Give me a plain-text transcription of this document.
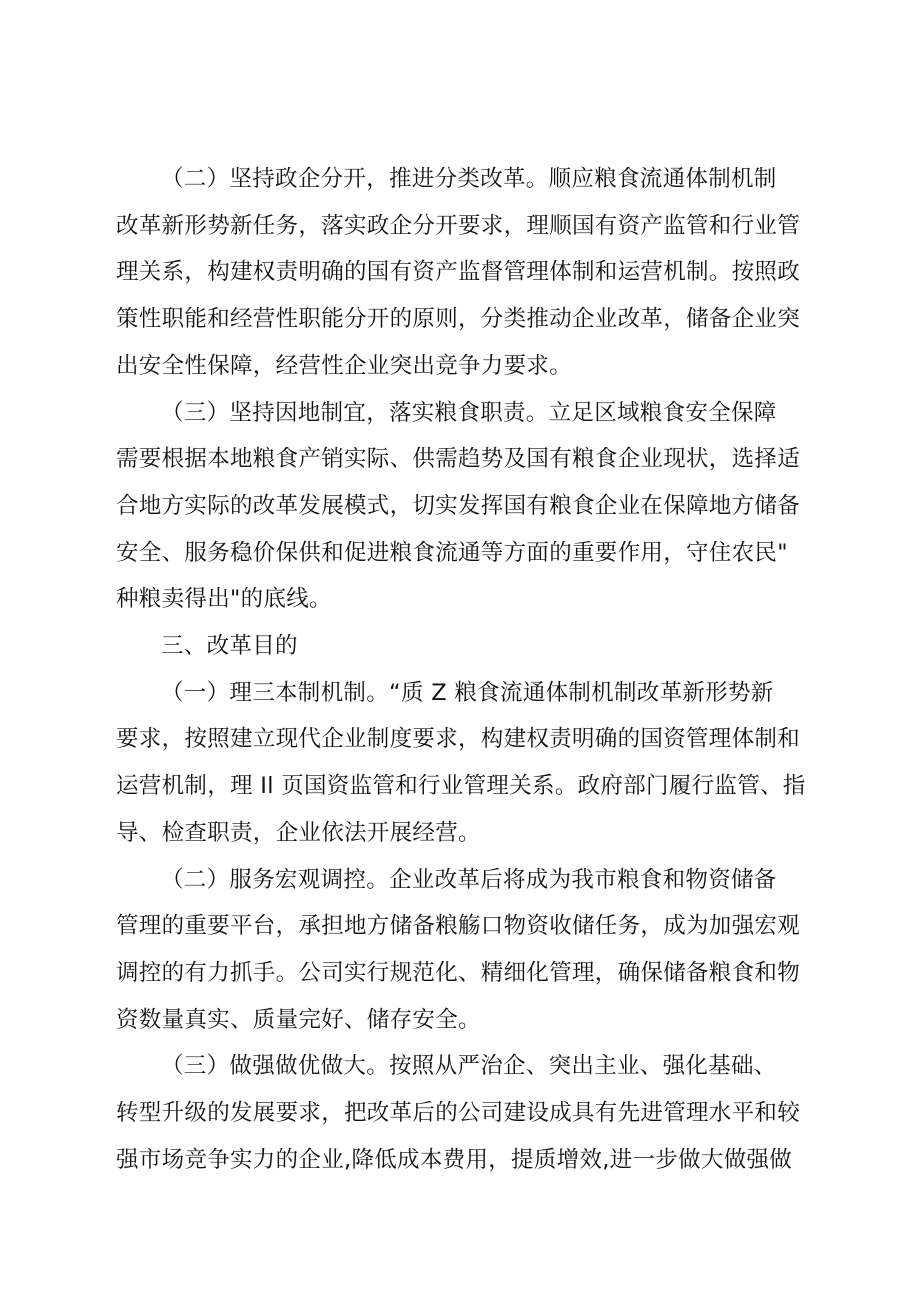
（二）坚持政企分开，推进分类改革。顺应粮食流通体制机制
改革新形势新任务，落实政企分开要求，理顺国有资产监管和行业管
理关系，构建权责明确的国有资产监督管理体制和运营机制。按照政
策性职能和经营性职能分开的原则，分类推动企业改革，储备企业突
出安全性保障，经营性企业突出竞争力要求。

（三）坚持因地制宜，落实粮食职责。立足区域粮食安全保障
需要根据本地粮食产销实际、供需趋势及国有粮食企业现状，选择适
合地方实际的改革发展模式，切实发挥国有粮食企业在保障地方储备
安全、服务稳价保供和促进粮食流通等方面的重要作用，守住农民"
种粮卖得出"的底线。

三、改革目的

（一）理三本制机制。“质 Z 粮食流通体制机制改革新形势新
要求，按照建立现代企业制度要求，构建权责明确的国资管理体制和
运营机制，理 Il 页国资监管和行业管理关系。政府部门履行监管、指
导、检查职责，企业依法开展经营。

（二）服务宏观调控。企业改革后将成为我市粮食和物资储备
管理的重要平台，承担地方储备粮觞口物资收储任务，成为加强宏观
调控的有力抓手。公司实行规范化、精细化管理，确保储备粮食和物
资数量真实、质量完好、储存安全。

（三）做强做优做大。按照从严治企、突出主业、强化基础、
转型升级的发展要求，把改革后的公司建设成具有先进管理水平和较
强市场竞争实力的企业,降低成本费用，提质增效,进一步做大做强做
